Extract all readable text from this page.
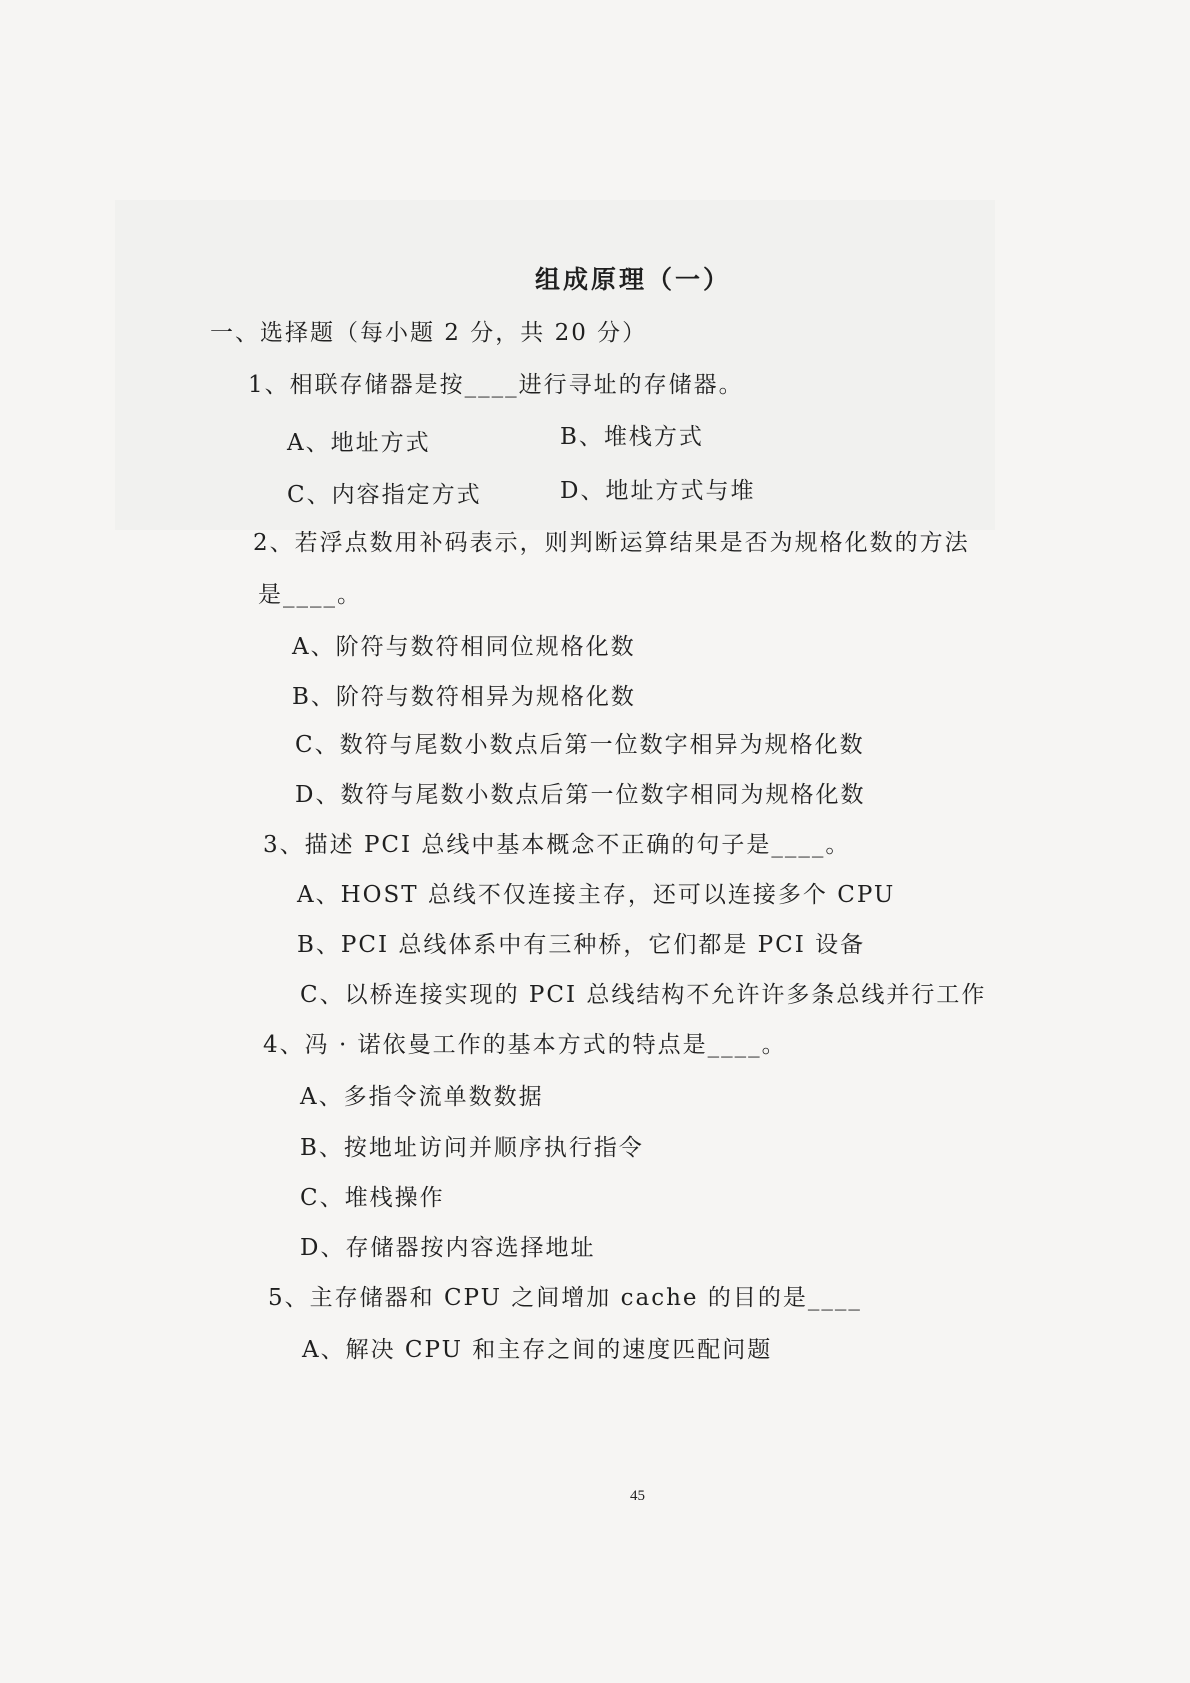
组成原理（一）
一、选择题（每小题 2 分，共 20 分）
1、相联存储器是按____进行寻址的存储器。
A、地址方式	B、堆栈方式
C、内容指定方式	D、地址方式与堆
2、若浮点数用补码表示，则判断运算结果是否为规格化数的方法
是____。
A、阶符与数符相同位规格化数
B、阶符与数符相异为规格化数
C、数符与尾数小数点后第一位数字相异为规格化数
D、数符与尾数小数点后第一位数字相同为规格化数
3、描述 PCI 总线中基本概念不正确的句子是____。
A、HOST 总线不仅连接主存，还可以连接多个 CPU
B、PCI 总线体系中有三种桥，它们都是 PCI 设备
C、以桥连接实现的 PCI 总线结构不允许许多条总线并行工作
4、冯 · 诺依曼工作的基本方式的特点是____。
A、多指令流单数数据
B、按地址访问并顺序执行指令
C、堆栈操作
D、存储器按内容选择地址
5、主存储器和 CPU 之间增加 cache 的目的是____
A、解决 CPU 和主存之间的速度匹配问题
45
